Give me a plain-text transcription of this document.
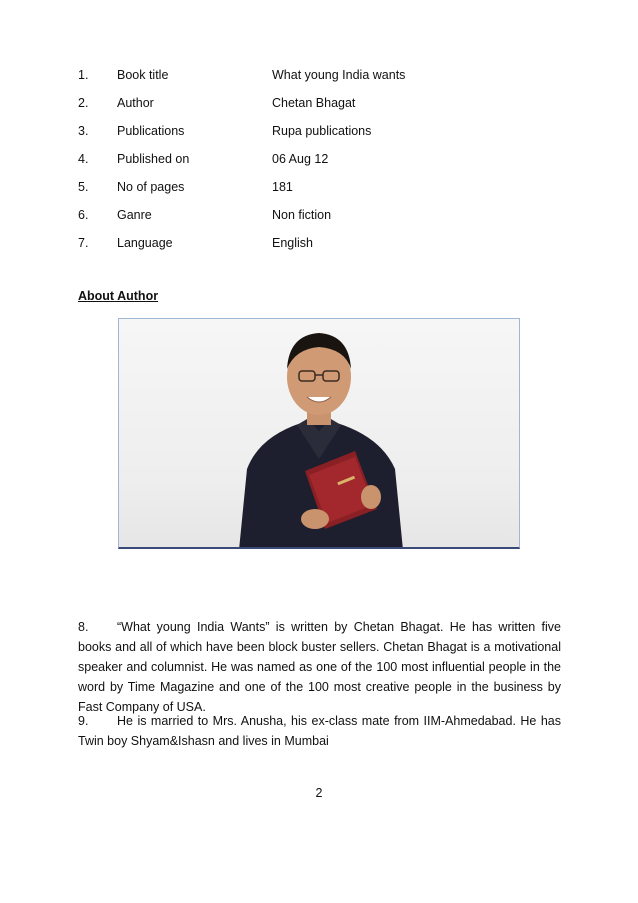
1. Book title	What young India wants
2. Author	Chetan Bhagat
3. Publications	Rupa publications
4. Published on	06 Aug 12
5. No of pages	181
6. Ganre	Non fiction
7. Language	English
About Author

8. “What young India Wants” is written by Chetan Bhagat. He has written five books and all of which have been block buster sellers. Chetan Bhagat is a motivational speaker and columnist. He was named as one of the 100 most influential people in the word by Time Magazine and one of the 100 most creative people in the business by Fast Company of USA.

9. He is married to Mrs. Anusha, his ex-class mate from IIM-Ahmedabad. He has Twin boy Shyam&Ishasn and lives in Mumbai

2
